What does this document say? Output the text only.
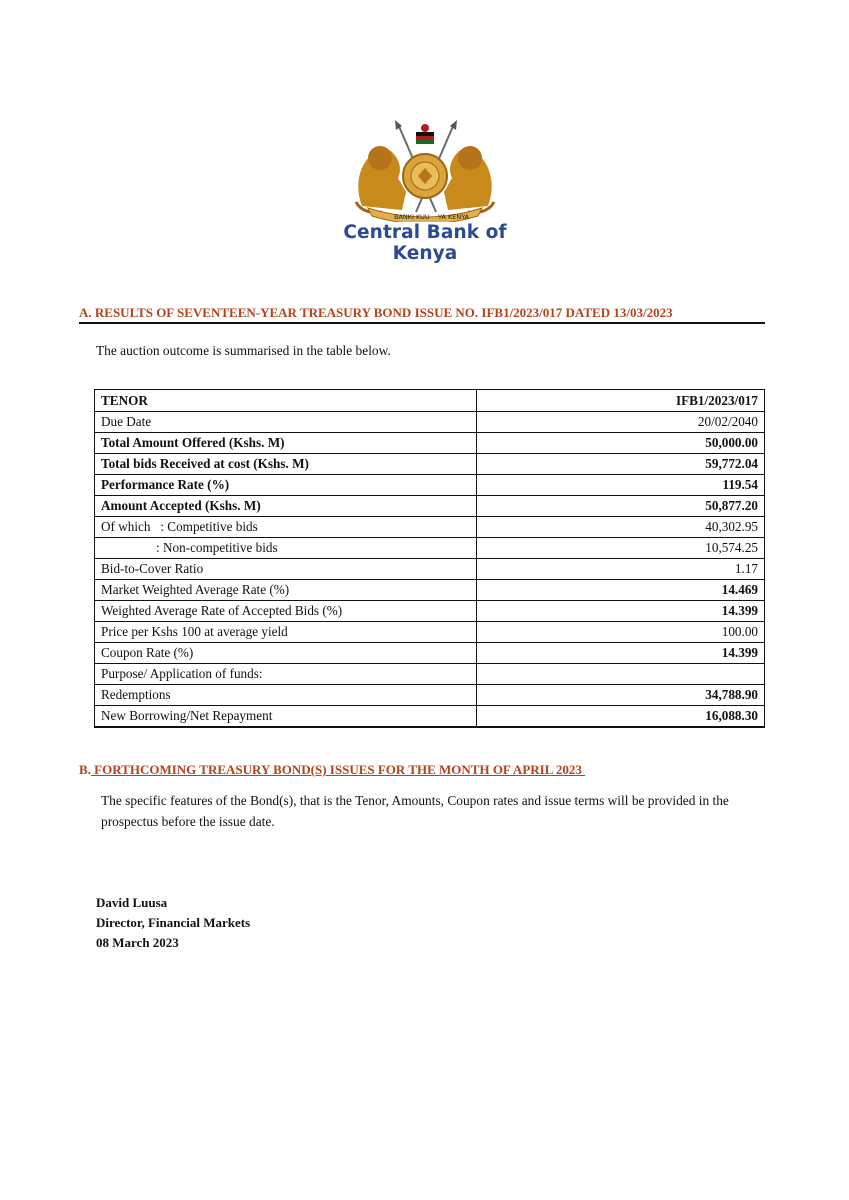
BANKI KUU YA KENYA
Central Bank of Kenya
A. RESULTS OF SEVENTEEN-YEAR TREASURY BOND ISSUE NO. IFB1/2023/017 DATED 13/03/2023
The auction outcome is summarised in the table below.
TENOR	IFB1/2023/017
Due Date	20/02/2040
Total Amount Offered (Kshs. M)	50,000.00
Total bids Received at cost (Kshs. M)	59,772.04
Performance Rate (%)	119.54
Amount Accepted (Kshs. M)	50,877.20
Of which   : Competitive bids	40,302.95
: Non-competitive bids	10,574.25
Bid-to-Cover Ratio	1.17
Market Weighted Average Rate (%)	14.469
Weighted Average Rate of Accepted Bids (%)	14.399
Price per Kshs 100 at average yield	100.00
Coupon Rate (%)	14.399
Purpose/ Application of funds:	
Redemptions	34,788.90
New Borrowing/Net Repayment	16,088.30
B. FORTHCOMING TREASURY BOND(S) ISSUES FOR THE MONTH OF APRIL 2023
The specific features of the Bond(s), that is the Tenor, Amounts, Coupon rates and issue terms will be provided in the prospectus before the issue date.
David Luusa
Director, Financial Markets
08 March 2023
